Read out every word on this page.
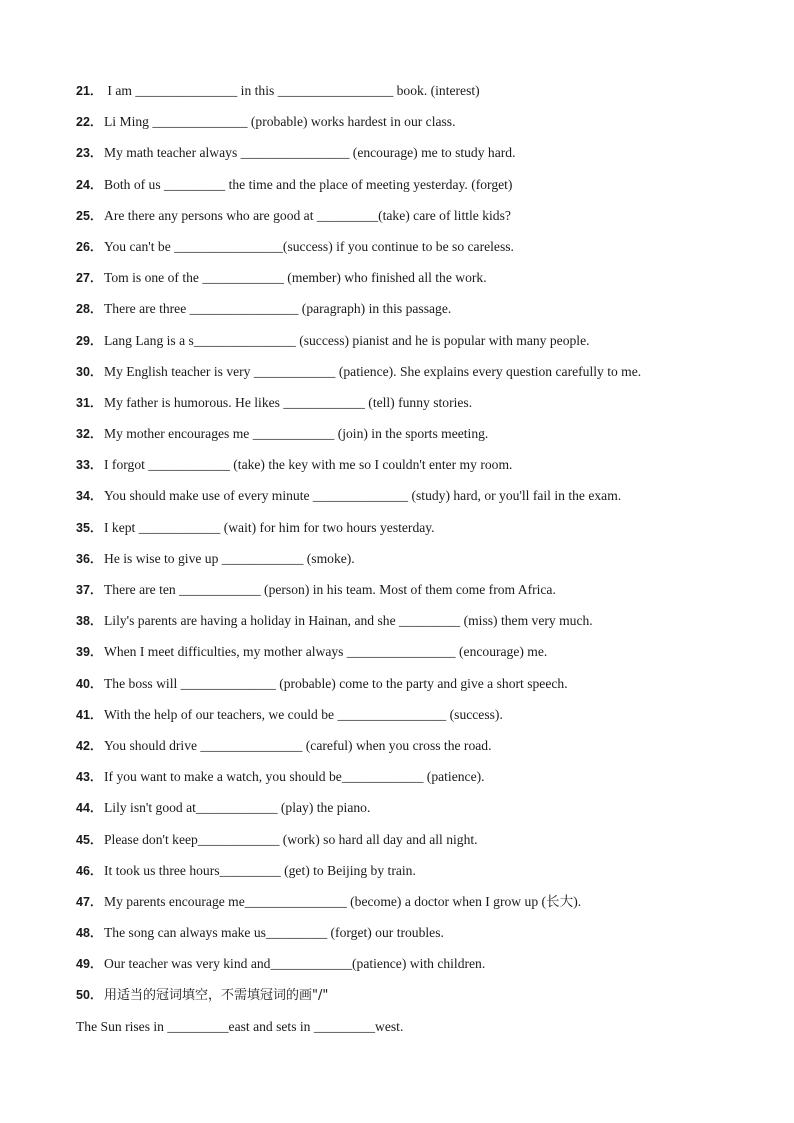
21． I am _______________ in this _________________ book. (interest)
22． Li Ming ______________ (probable) works hardest in our class.
23． My math teacher always ________________ (encourage) me to study hard.
24． Both of us _________ the time and the place of meeting yesterday. (forget)
25． Are there any persons who are good at _________(take) care of little kids?
26． You can't be ________________(success) if you continue to be so careless.
27． Tom is one of the ____________ (member) who finished all the work.
28． There are three ________________ (paragraph) in this passage.
29． Lang Lang is a s_______________ (success) pianist and he is popular with many people.
30． My English teacher is very ____________ (patience). She explains every question carefully to me.
31． My father is humorous. He likes ____________ (tell) funny stories.
32． My mother encourages me ____________ (join) in the sports meeting.
33． I forgot ____________ (take) the key with me so I couldn't enter my room.
34． You should make use of every minute ______________ (study) hard, or you'll fail in the exam.
35． I kept ____________ (wait) for him for two hours yesterday.
36． He is wise to give up ____________ (smoke).
37． There are ten ____________ (person) in his team. Most of them come from Africa.
38． Lily's parents are having a holiday in Hainan, and she _________ (miss) them very much.
39． When I meet difficulties, my mother always ________________ (encourage) me.
40． The boss will ______________ (probable) come to the party and give a short speech.
41． With the help of our teachers, we could be ________________ (success).
42． You should drive _______________ (careful) when you cross the road.
43． If you want to make a watch, you should be____________ (patience).
44． Lily isn't good at____________ (play) the piano.
45． Please don't keep____________ (work) so hard all day and all night.
46． It took us three hours_________ (get) to Beijing by train.
47． My parents encourage me_______________ (become) a doctor when I grow up (长大).
48． The song can always make us_________ (forget) our troubles.
49． Our teacher was very kind and____________(patience) with children.
50． 用适当的冠词填空，不需填冠词的画"/"
The Sun rises in _________east and sets in _________west.
